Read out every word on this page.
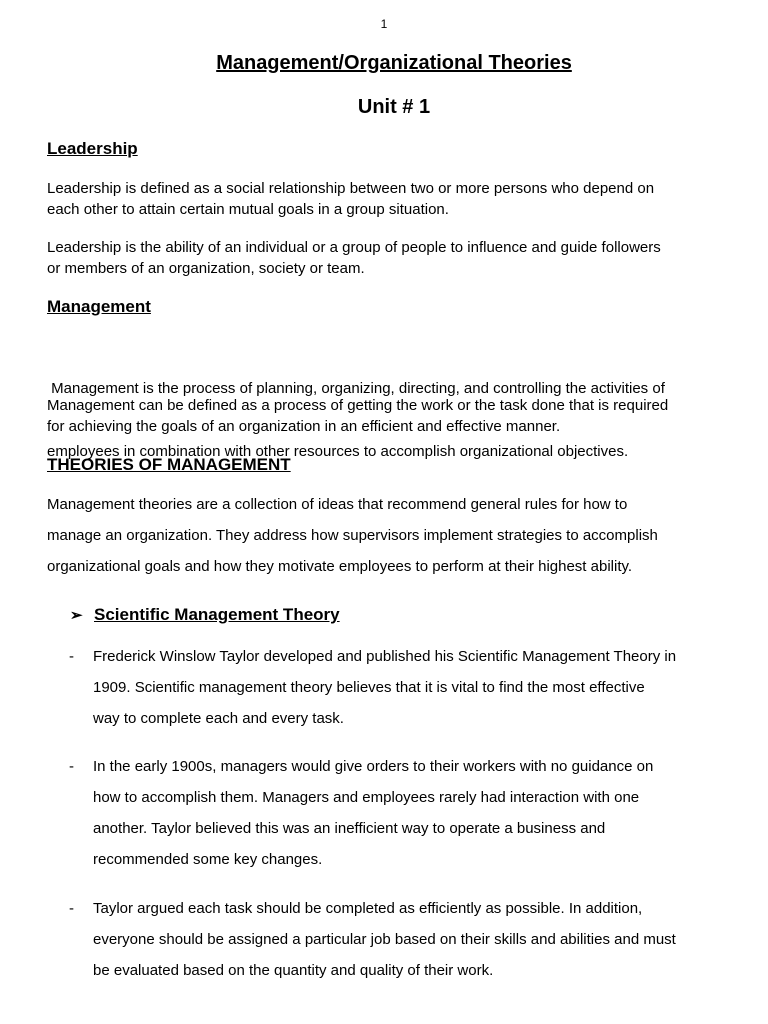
1
Management/Organizational Theories
Unit # 1
Leadership
Leadership is defined as a social relationship between two or more persons who depend on
each other to attain certain mutual goals in a group situation.
Leadership is the ability of an individual or a group of people to influence and guide followers
or members of an organization, society or team.
Management

Management is the process of planning, organizing, directing, and controlling the activities of

employees in combination with other resources to accomplish organizational objectives.

Management can be defined as a process of getting the work or the task done that is required
for achieving the goals of an organization in an efficient and effective manner.
THEORIES OF MANAGEMENT
Management theories are a collection of ideas that recommend general rules for how to
manage an organization. They address how supervisors implement strategies to accomplish
organizational goals and how they motivate employees to perform at their highest ability.
➢ Scientific Management Theory
- Frederick Winslow Taylor developed and published his Scientific Management Theory in
1909. Scientific management theory believes that it is vital to find the most effective
way to complete each and every task.
- In the early 1900s, managers would give orders to their workers with no guidance on
how to accomplish them. Managers and employees rarely had interaction with one
another. Taylor believed this was an inefficient way to operate a business and
recommended some key changes.
- Taylor argued each task should be completed as efficiently as possible. In addition,
everyone should be assigned a particular job based on their skills and abilities and must
be evaluated based on the quantity and quality of their work.
